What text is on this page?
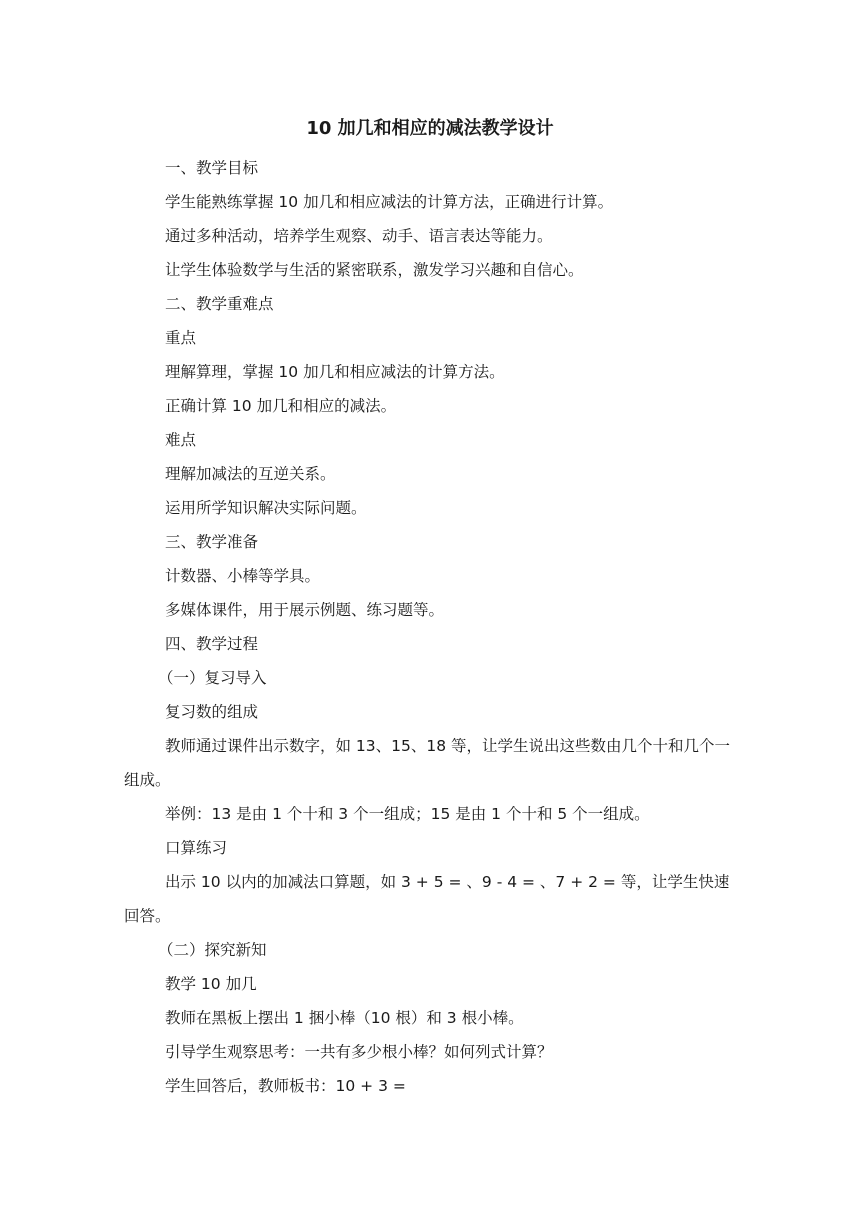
10 加几和相应的减法教学设计

一、教学目标

学生能熟练掌握 10 加几和相应减法的计算方法，正确进行计算。

通过多种活动，培养学生观察、动手、语言表达等能力。

让学生体验数学与生活的紧密联系，激发学习兴趣和自信心。

二、教学重难点

重点

理解算理，掌握 10 加几和相应减法的计算方法。

正确计算 10 加几和相应的减法。

难点

理解加减法的互逆关系。

运用所学知识解决实际问题。

三、教学准备

计数器、小棒等学具。

多媒体课件，用于展示例题、练习题等。

四、教学过程

（一）复习导入

复习数的组成

教师通过课件出示数字，如 13、15、18 等，让学生说出这些数由几个十和几个一组成。

举例：13 是由 1 个十和 3 个一组成；15 是由 1 个十和 5 个一组成。

口算练习

出示 10 以内的加减法口算题，如 3 + 5 = 、9 - 4 = 、7 + 2 = 等，让学生快速回答。

（二）探究新知

教学 10 加几

教师在黑板上摆出 1 捆小棒（10 根）和 3 根小棒。

引导学生观察思考：一共有多少根小棒？如何列式计算？

学生回答后，教师板书：10 + 3 =
